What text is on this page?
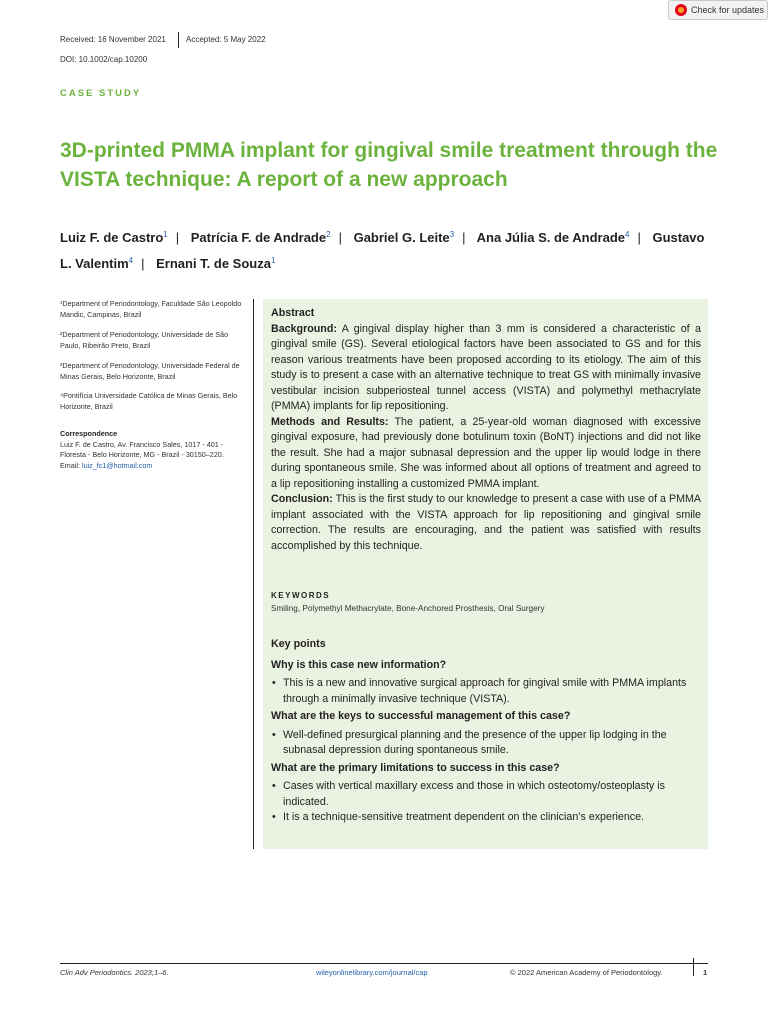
Check for updates
Received: 16 November 2021	Accepted: 5 May 2022
DOI: 10.1002/cap.10200
CASE STUDY
3D-printed PMMA implant for gingival smile treatment through the VISTA technique: A report of a new approach
Luiz F. de Castro$^1$ | Patrícia F. de Andrade$^2$ | Gabriel G. Leite$^3$ | Ana Júlia S. de Andrade$^4$ | Gustavo L. Valentim$^4$ | Ernani T. de Souza$^1$
¹Department of Periodontology, Faculdade São Leopoldo Mandic, Campinas, Brazil
²Department of Periodontology, Universidade de São Paulo, Ribeirão Preto, Brazil
³Department of Periodontology, Universidade Federal de Minas Gerais, Belo Horizonte, Brazil
⁴Pontifícia Universidade Católica de Minas Gerais, Belo Horizonte, Brazil
Correspondence
Luiz F. de Castro, Av. Francisco Sales, 1017 - 401 - Floresta - Belo Horizonte, MG - Brazil - 30150–220.
Email: luiz_fc1@hotmail.com

Abstract

Background: A gingival display higher than 3 mm is considered a characteristic of a gingival smile (GS). Several etiological factors have been associated to GS and for this reason various treatments have been proposed according to its etiology. The aim of this study is to present a case with an alternative technique to treat GS with minimally invasive vestibular incision subperiosteal tunnel access (VISTA) and polymethyl methacrylate (PMMA) implants for lip repositioning.

Methods and Results: The patient, a 25-year-old woman diagnosed with excessive gingival exposure, had previously done botulinum toxin (BoNT) injections and did not like the result. She had a major subnasal depression and the upper lip would lodge in there during spontaneous smile. She was informed about all options of treatment and agreed to a lip repositioning installing a customized PMMA implant.

Conclusion: This is the first study to our knowledge to present a case with use of a PMMA implant associated with the VISTA approach for lip repositioning and gingival smile correction. The results are encouraging, and the patient was satisfied with results accomplished by this technique.

KEYWORDS
Smiling, Polymethyl Methacrylate, Bone-Anchored Prosthesis, Oral Surgery
Key points
Why is this case new information?
• This is a new and innovative surgical approach for gingival smile with PMMA implants through a minimally invasive technique (VISTA).
What are the keys to successful management of this case?
• Well-defined presurgical planning and the presence of the upper lip lodging in the subnasal depression during spontaneous smile.
What are the primary limitations to success in this case?
• Cases with vertical maxillary excess and those in which osteotomy/osteoplasty is indicated.
• It is a technique-sensitive treatment dependent on the clinician’s experience.
Clin Adv Periodontics. 2023;1–6.	wileyonlinelibrary.com/journal/cap	© 2022 American Academy of Periodontology.	1
